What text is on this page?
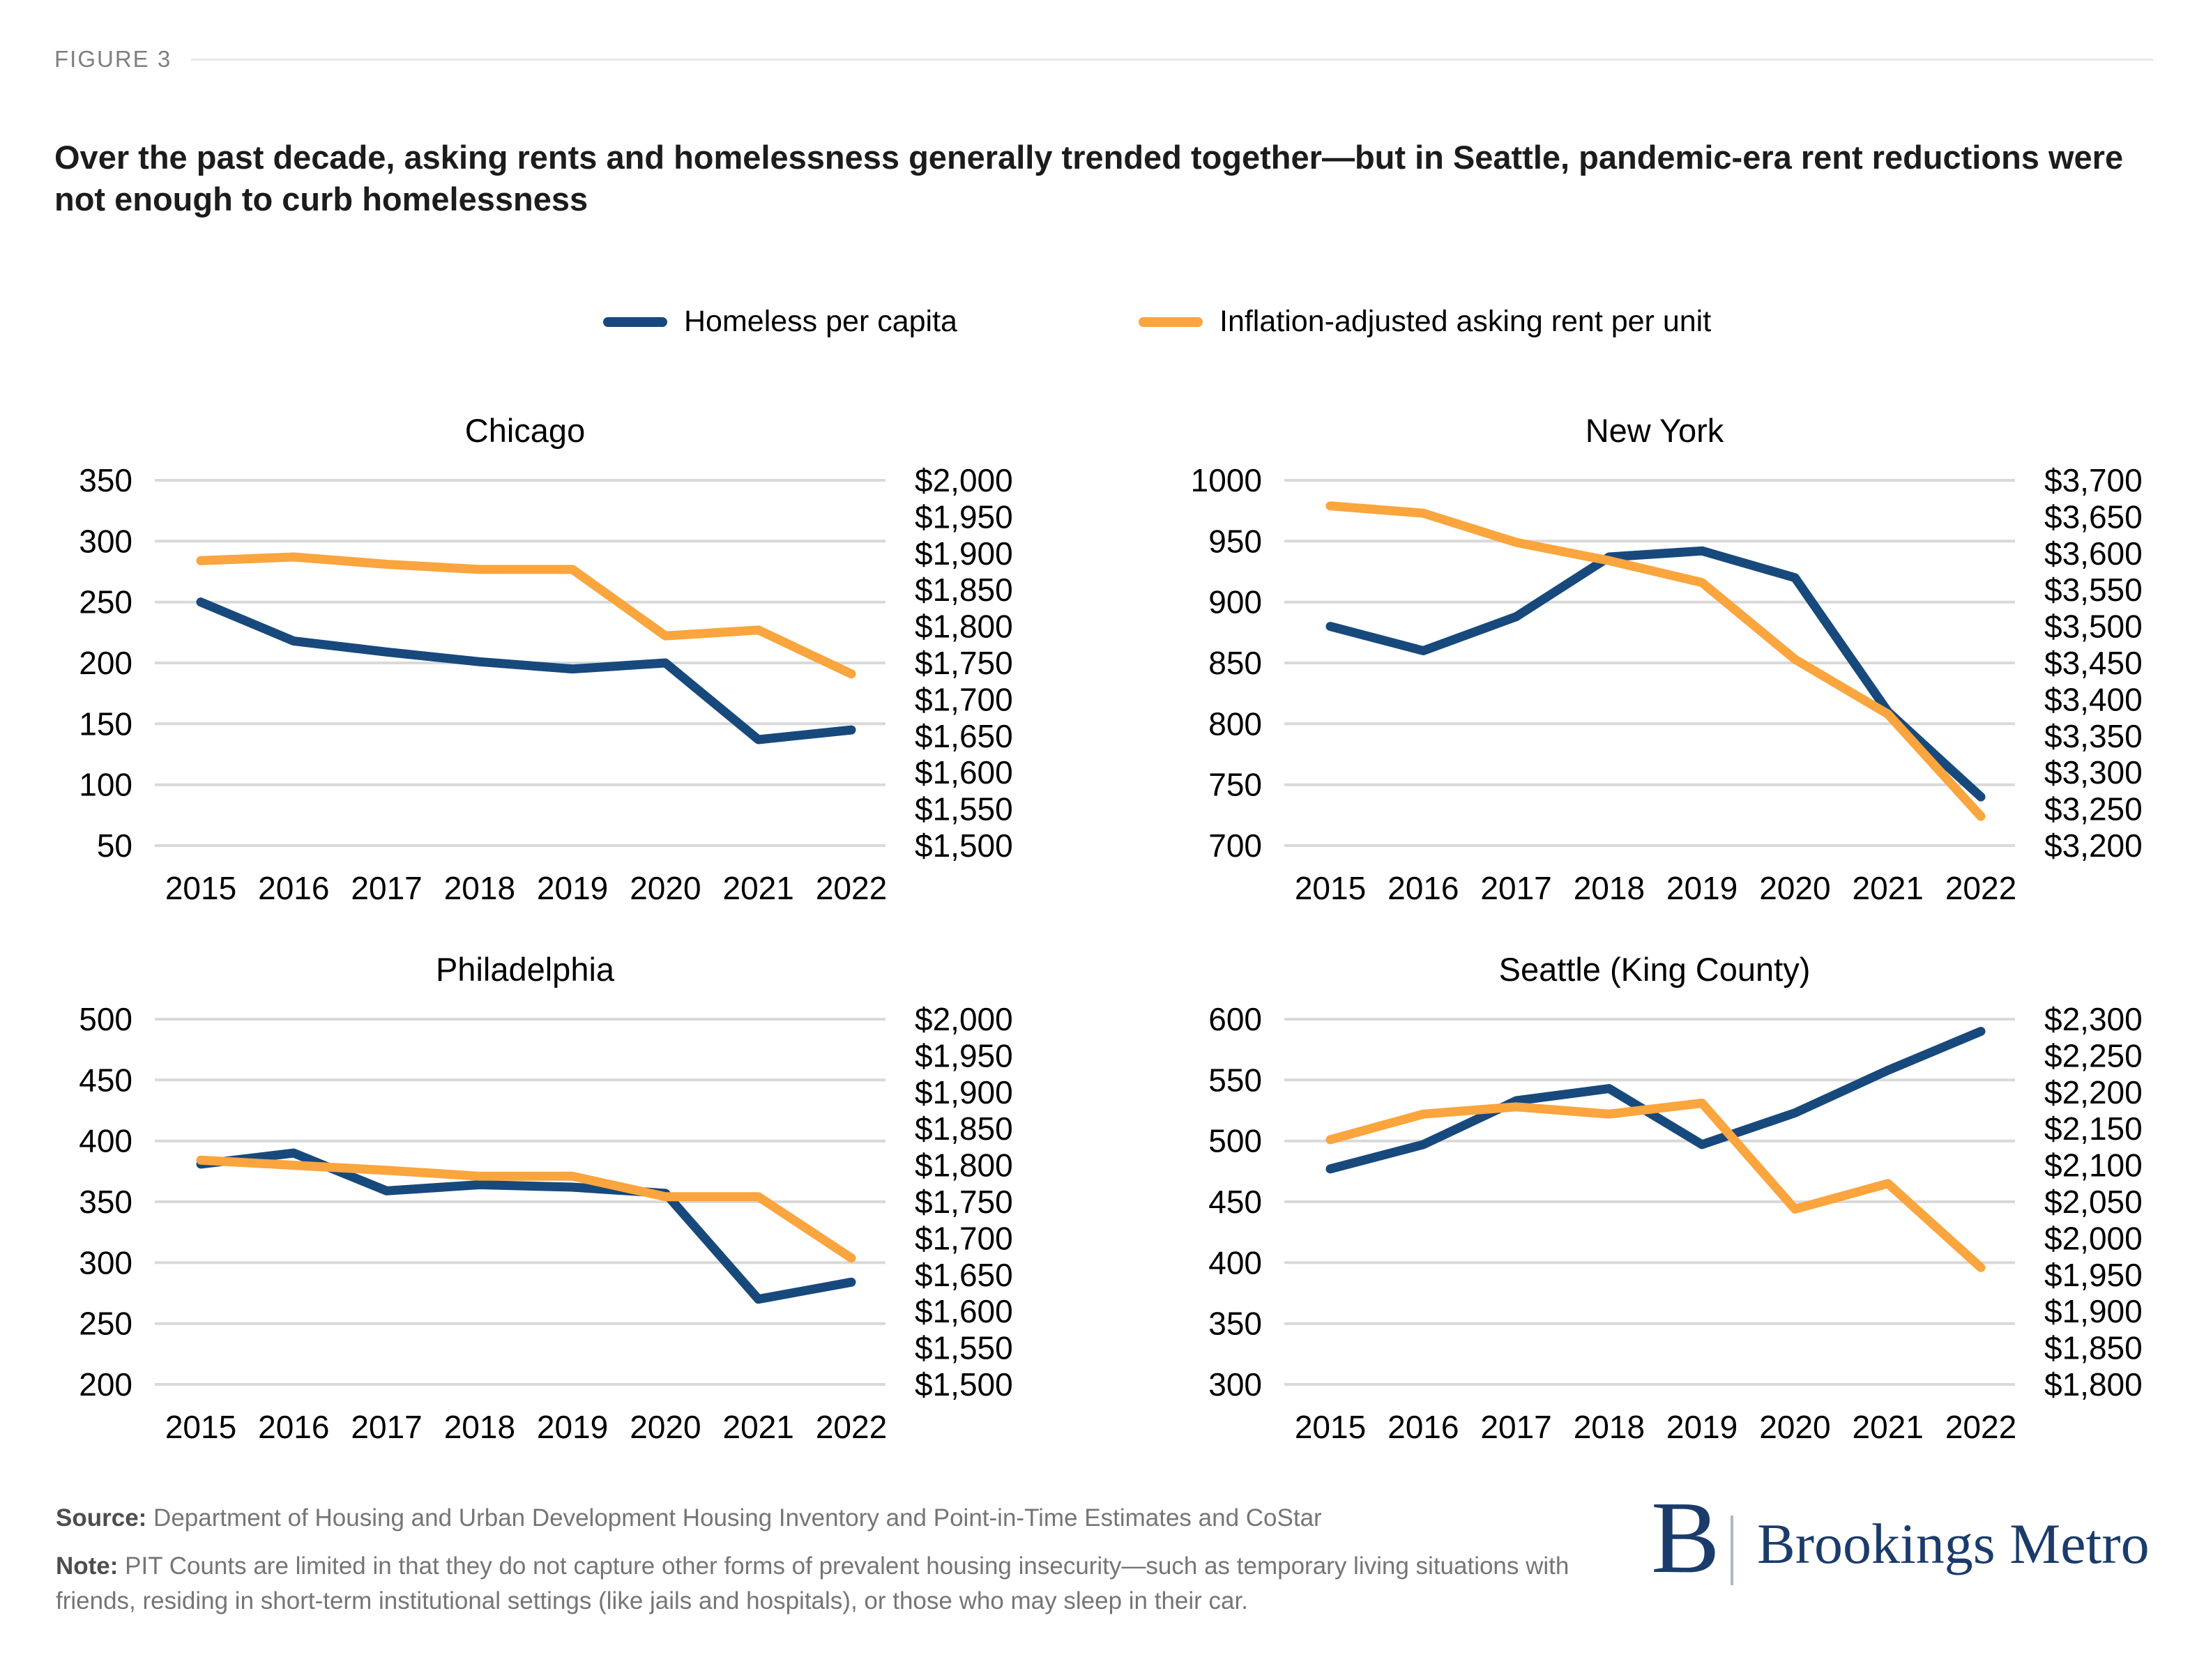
FIGURE 3
Over the past decade, asking rents and homelessness generally trended together—but in Seattle, pandemic-era rent reductions were not enough to curb homelessness
Homeless per capita	Inflation-adjusted asking rent per unit
350
300
250
200
150
100
50
$2,000
$1,950
$1,900
$1,850
$1,800
$1,750
$1,700
$1,650
$1,600
$1,550
$1,500
2015 2016 2017 2018 2019 2020 2021 2022
Chicago
1000
950
900
850
800
750
700
$3,700
$3,650
$3,600
$3,550
$3,500
$3,450
$3,400
$3,350
$3,300
$3,250
$3,200
2015 2016 2017 2018 2019 2020 2021 2022
New York
500
450
400
350
300
250
200
$2,000
$1,950
$1,900
$1,850
$1,800
$1,750
$1,700
$1,650
$1,600
$1,550
$1,500
2015 2016 2017 2018 2019 2020 2021 2022
Philadelphia
600
550
500
450
400
350
300
$2,300
$2,250
$2,200
$2,150
$2,100
$2,050
$2,000
$1,950
$1,900
$1,850
$1,800
2015 2016 2017 2018 2019 2020 2021 2022
Seattle (King County)
Source: Department of Housing and Urban Development Housing Inventory and Point-in-Time Estimates and CoStar
Note: PIT Counts are limited in that they do not capture other forms of prevalent housing insecurity—such as temporary living situations with friends, residing in short-term institutional settings (like jails and hospitals), or those who may sleep in their car.
B Brookings Metro
